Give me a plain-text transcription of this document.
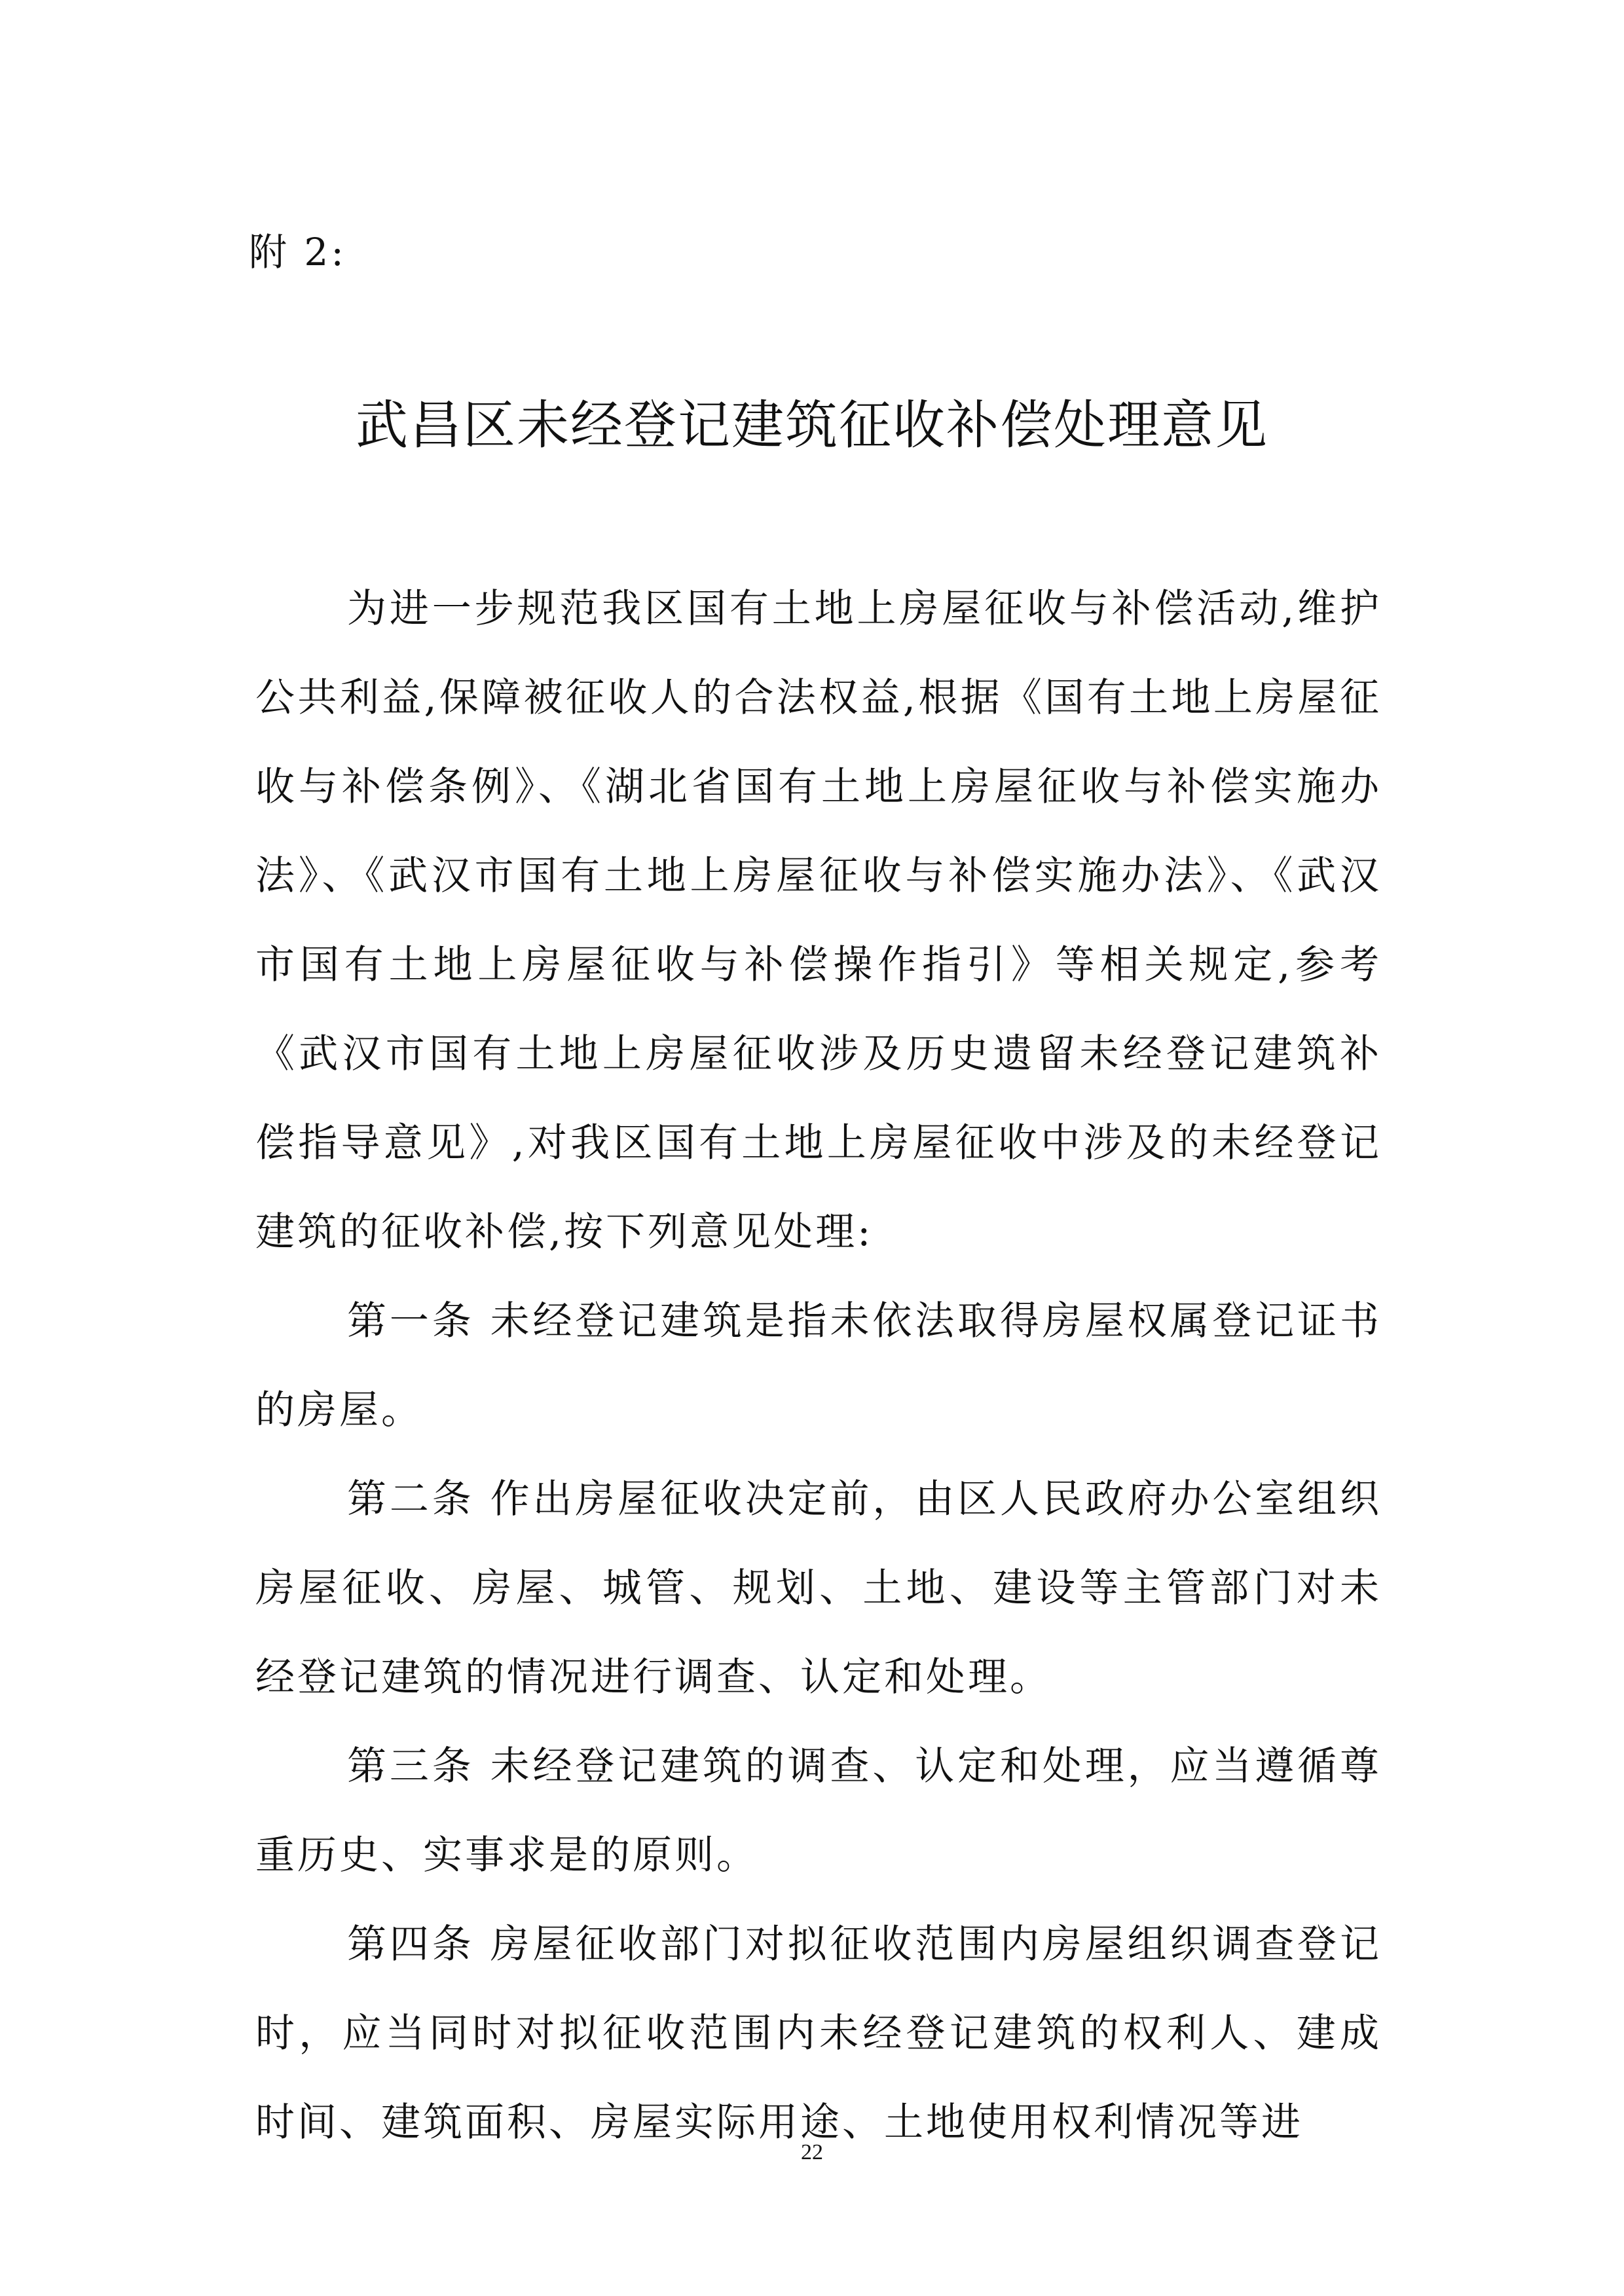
附 2:
武昌区未经登记建筑征收补偿处理意见

为进一步规范我区国有土地上房屋征收与补偿活动,维护公共利益,保障被征收人的合法权益,根据《国有土地上房屋征收与补偿条例》、《湖北省国有土地上房屋征收与补偿实施办法》、《武汉市国有土地上房屋征收与补偿实施办法》、《武汉市国有土地上房屋征收与补偿操作指引》等相关规定,参考《武汉市国有土地上房屋征收涉及历史遗留未经登记建筑补偿指导意见》,对我区国有土地上房屋征收中涉及的未经登记建筑的征收补偿,按下列意见处理:

第一条 未经登记建筑是指未依法取得房屋权属登记证书的房屋。

第二条 作出房屋征收决定前，由区人民政府办公室组织房屋征收、房屋、城管、规划、土地、建设等主管部门对未经登记建筑的情况进行调查、认定和处理。

第三条 未经登记建筑的调查、认定和处理，应当遵循尊重历史、实事求是的原则。

第四条 房屋征收部门对拟征收范围内房屋组织调查登记时，应当同时对拟征收范围内未经登记建筑的权利人、建成时间、建筑面积、房屋实际用途、土地使用权利情况等进

22
